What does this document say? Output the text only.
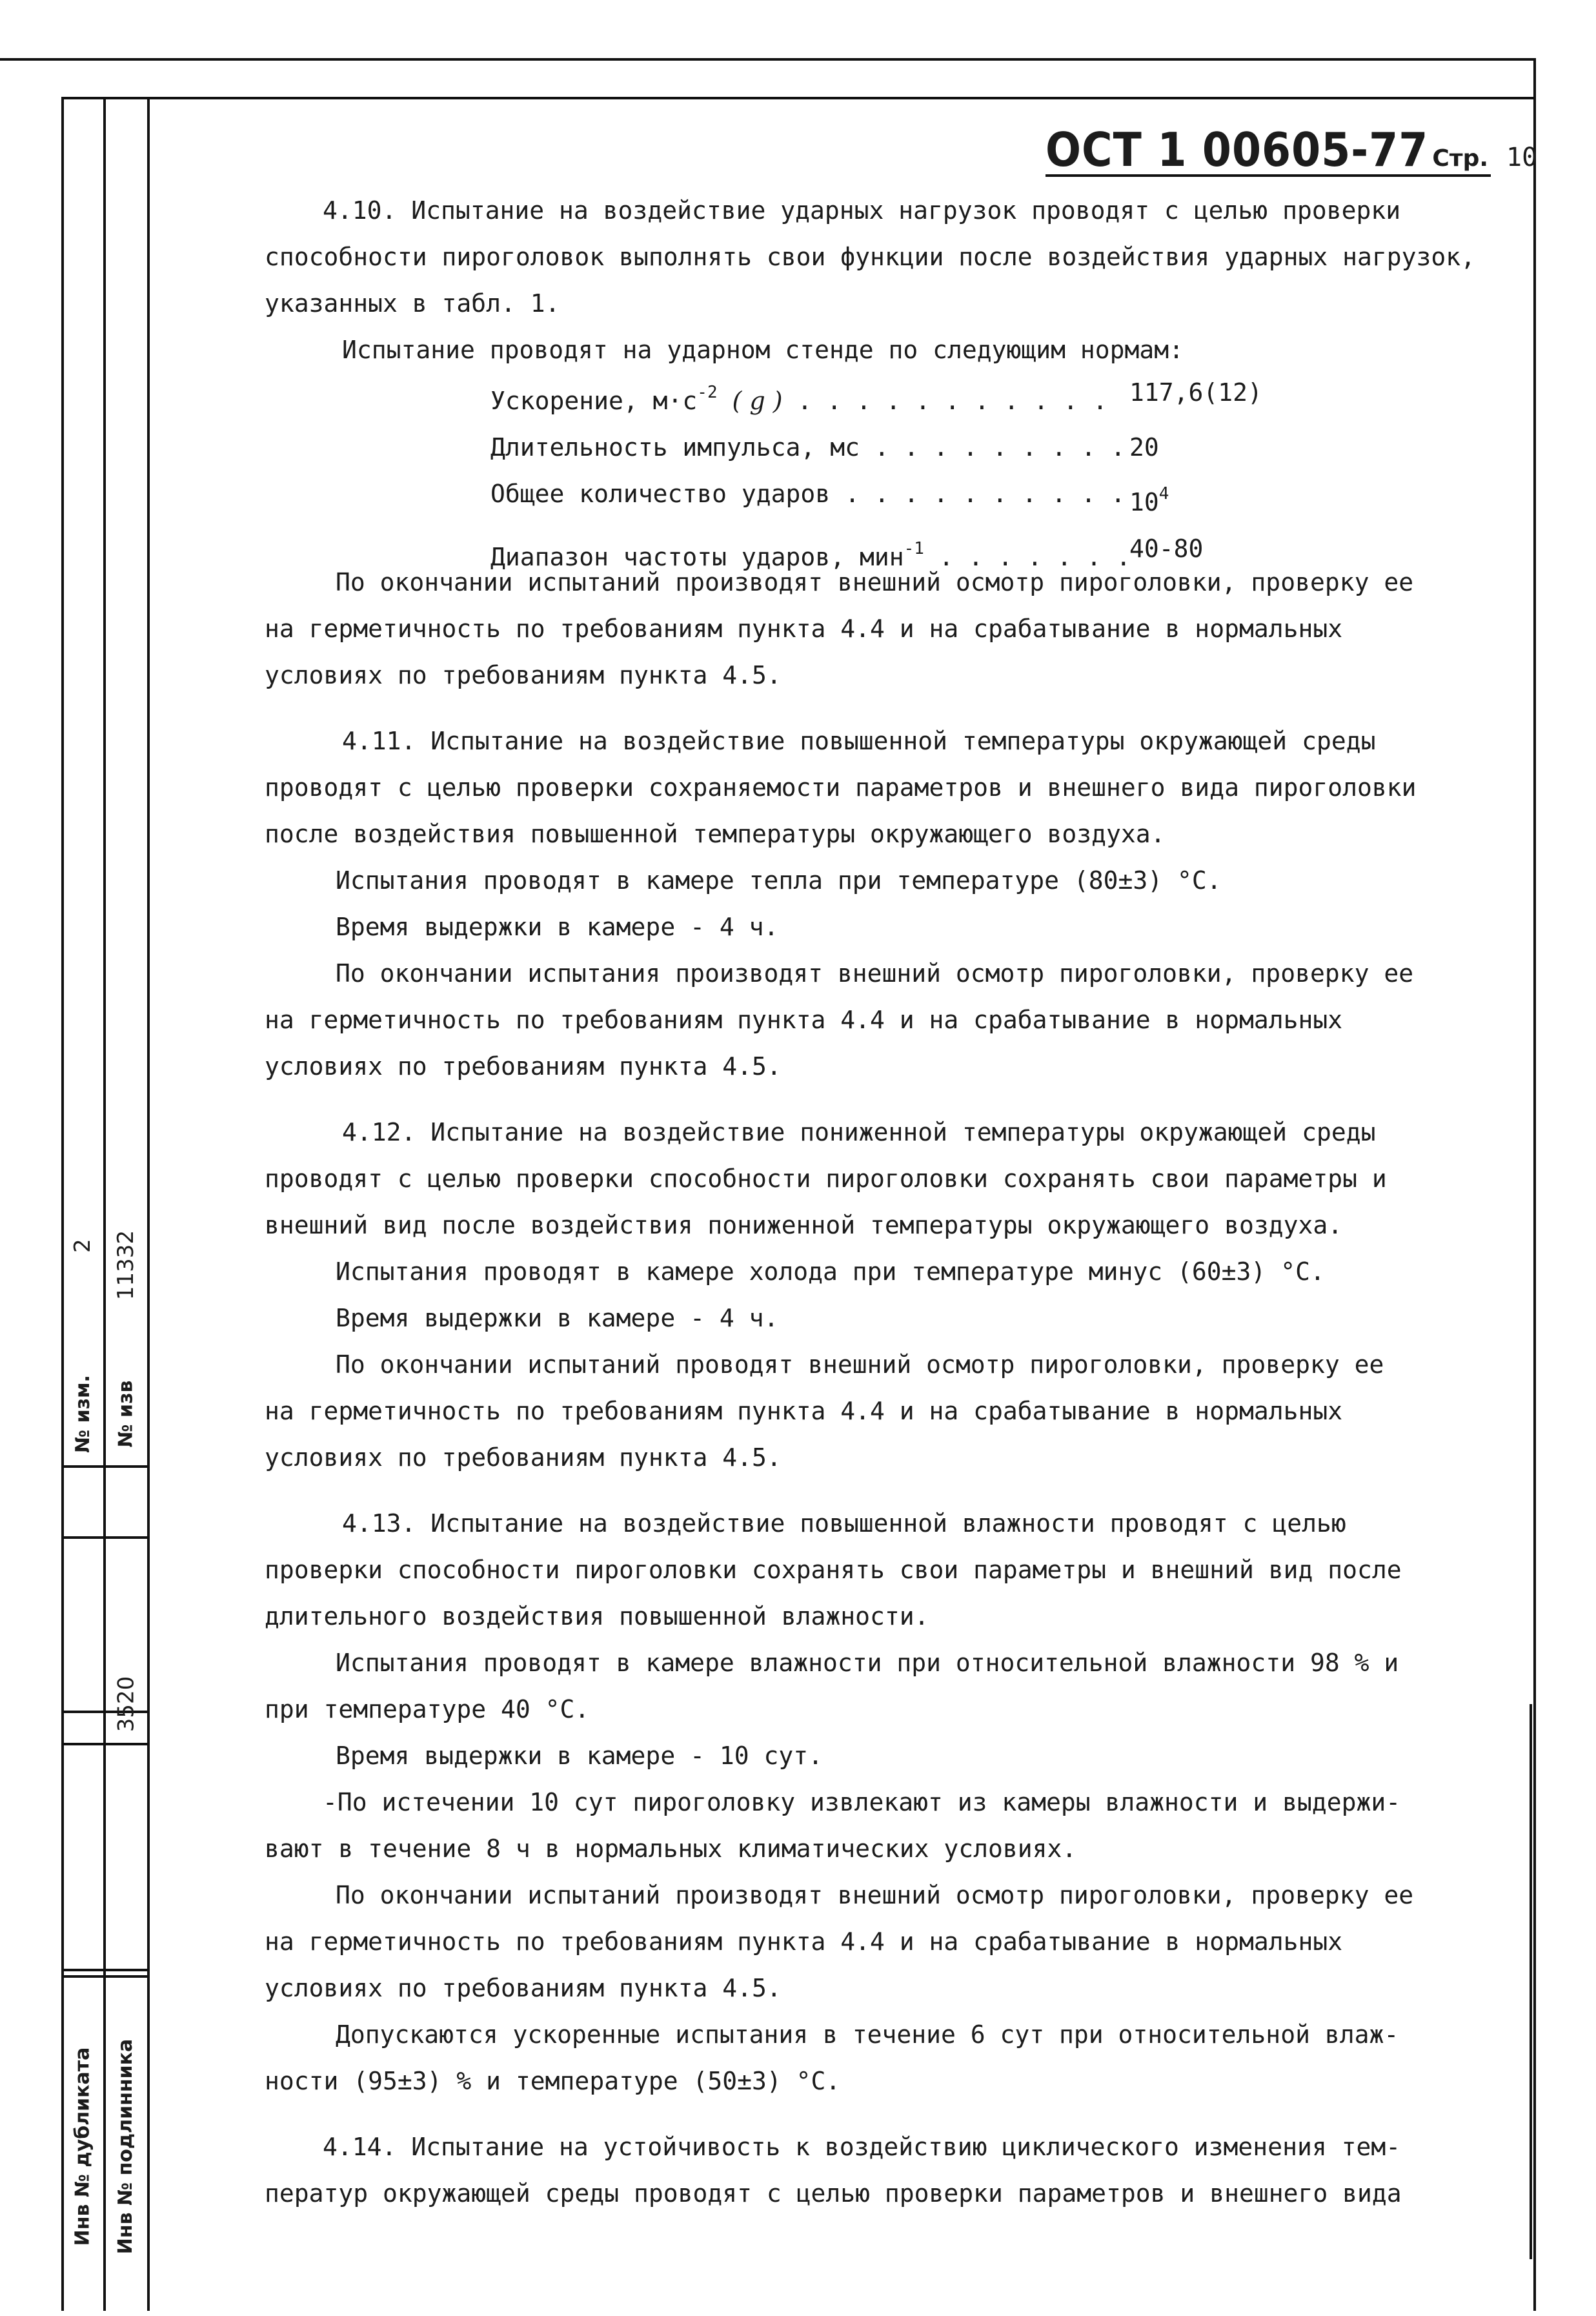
2 11332
№ изм. № изв
3520
Инв № дубликата Инв № подлинника
ОСТ 1 00605-77 Стр. 10
4.10. Испытание на воздействие ударных нагрузок проводят с целью проверки
способности пироголовок выполнять свои функции после воздействия ударных нагрузок,
указанных в табл. 1.
Испытание проводят на ударном стенде по следующим нормам:
По окончании испытаний производят внешний осмотр пироголовки, проверку ее
на герметичность по требованиям пункта 4.4 и на срабатывание в нормальных
условиях по требованиям пункта 4.5.
4.11. Испытание на воздействие повышенной температуры окружающей среды
проводят с целью проверки сохраняемости параметров и внешнего вида пироголовки
после воздействия повышенной температуры окружающего воздуха.
Испытания проводят в камере тепла при температуре (80±3) °C.
Время выдержки в камере - 4 ч.
По окончании испытания производят внешний осмотр пироголовки, проверку ее
на герметичность по требованиям пункта 4.4 и на срабатывание в нормальных
условиях по требованиям пункта 4.5.
4.12. Испытание на воздействие пониженной температуры окружающей среды
проводят с целью проверки способности пироголовки сохранять свои параметры и
внешний вид после воздействия пониженной температуры окружающего воздуха.
Испытания проводят в камере холода при температуре минус (60±3) °C.
Время выдержки в камере - 4 ч.
По окончании испытаний проводят внешний осмотр пироголовки, проверку ее
на герметичность по требованиям пункта 4.4 и на срабатывание в нормальных
условиях по требованиям пункта 4.5.
4.13. Испытание на воздействие повышенной влажности проводят с целью
проверки способности пироголовки сохранять свои параметры и внешний вид после
длительного воздействия повышенной влажности.
Испытания проводят в камере влажности при относительной влажности 98 % и
при температуре 40 °C.
Время выдержки в камере - 10 сут.
-По истечении 10 сут пироголовку извлекают из камеры влажности и выдержи-
вают в течение 8 ч в нормальных климатических условиях.
По окончании испытаний производят внешний осмотр пироголовки, проверку ее
на герметичность по требованиям пункта 4.4 и на срабатывание в нормальных
условиях по требованиям пункта 4.5.
Допускаются ускоренные испытания в течение 6 сут при относительной влаж-
ности (95±3) % и температуре (50±3) °C.
4.14. Испытание на устойчивость к воздействию циклического изменения тем-
ператур окружающей среды проводят с целью проверки параметров и внешнего вида
Ускорение, $м\cdot с^{-2}$ ( g ) . . . . . . . . . . . 117,6(12)
Длительность импульса, мс . . . . . . . . . 20
Общее количество ударов . . . . . . . . . . $10^4$
Диапазон частоты ударов, мин$^{-1}$ . . . . . . .
40-80
